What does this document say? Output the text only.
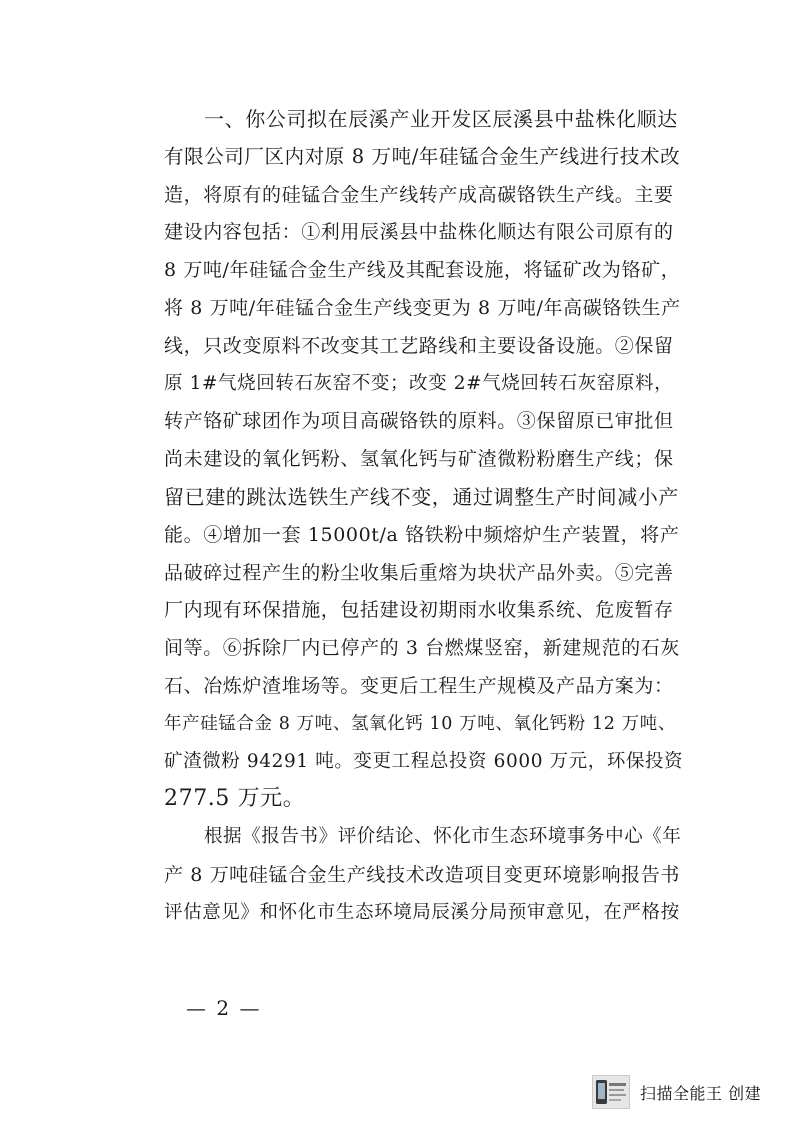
一、你公司拟在辰溪产业开发区辰溪县中盐株化顺达
有限公司厂区内对原 8 万吨/年硅锰合金生产线进行技术改
造，将原有的硅锰合金生产线转产成高碳铬铁生产线。主要
建设内容包括：①利用辰溪县中盐株化顺达有限公司原有的
8 万吨/年硅锰合金生产线及其配套设施，将锰矿改为铬矿，
将 8 万吨/年硅锰合金生产线变更为 8 万吨/年高碳铬铁生产
线，只改变原料不改变其工艺路线和主要设备设施。②保留
原 1#气烧回转石灰窑不变；改变 2#气烧回转石灰窑原料，
转产铬矿球团作为项目高碳铬铁的原料。③保留原已审批但
尚未建设的氧化钙粉、氢氧化钙与矿渣微粉粉磨生产线；保
留已建的跳汰选铁生产线不变，通过调整生产时间减小产
能。④增加一套 15000t/a 铬铁粉中频熔炉生产装置，将产
品破碎过程产生的粉尘收集后重熔为块状产品外卖。⑤完善
厂内现有环保措施，包括建设初期雨水收集系统、危废暂存
间等。⑥拆除厂内已停产的 3 台燃煤竖窑，新建规范的石灰
石、冶炼炉渣堆场等。变更后工程生产规模及产品方案为：
年产硅锰合金 8 万吨、氢氧化钙 10 万吨、氧化钙粉 12 万吨、
矿渣微粉 94291 吨。变更工程总投资 6000 万元，环保投资
277.5 万元。
根据《报告书》评价结论、怀化市生态环境事务中心《年
产 8 万吨硅锰合金生产线技术改造项目变更环境影响报告书
评估意见》和怀化市生态环境局辰溪分局预审意见，在严格按
— 2 —
扫描全能王 创建
